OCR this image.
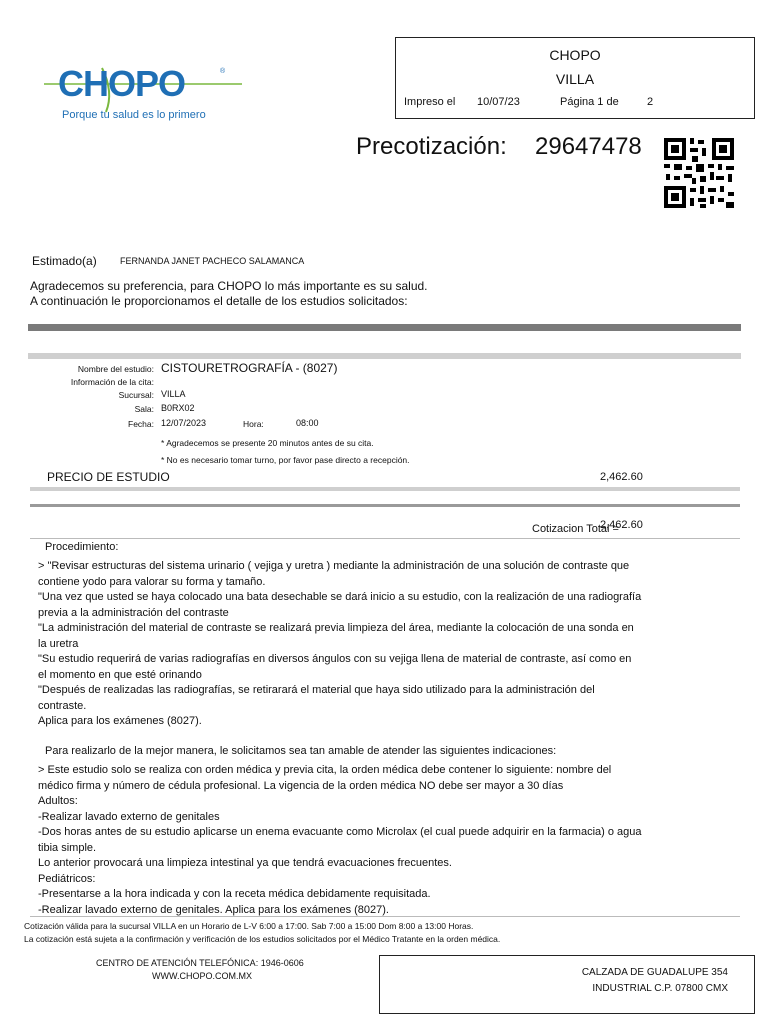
CHOPO	®
Porque tu salud es lo primero
CHOPO
VILLA
Impreso el 10/07/23	Página 1 de	2
Precotización: 29647478
Estimado(a)	FERNANDA JANET PACHECO SALAMANCA
Agradecemos su preferencia, para CHOPO lo más importante es su salud.
A continuación le proporcionamos el detalle de los estudios solicitados:
Nombre del estudio: CISTOURETROGRAFÍA - (8027)
Información de la cita:
Sucursal: VILLA
Sala: B0RX02
Fecha: 12/07/2023	Hora:	08:00
* Agradecemos se presente 20 minutos antes de su cita.
* No es necesario tomar turno, por favor pase directo a recepción.
PRECIO DE ESTUDIO	2,462.60
Cotizacion Total =
2,462.60
Procedimiento:
> "Revisar estructuras del sistema urinario ( vejiga y uretra ) mediante la administración de una solución de contraste que
contiene yodo para valorar su forma y tamaño.
"Una vez que usted se haya colocado una bata desechable se dará inicio a su estudio, con la realización de una radiografía
previa a la administración del contraste
"La administración del material de contraste se realizará previa limpieza del área, mediante la colocación de una sonda en
la uretra
"Su estudio requerirá de varias radiografías en diversos ángulos con su vejiga llena de material de contraste, así como en
el momento en que esté orinando
"Después de realizadas las radiografías, se retirarará el material que haya sido utilizado para la administración del
contraste.
Aplica para los exámenes (8027).
Para realizarlo de la mejor manera, le solicitamos sea tan amable de atender las siguientes indicaciones:
> Este estudio solo se realiza con orden médica y previa cita, la orden médica debe contener lo siguiente: nombre del
médico firma y número de cédula profesional. La vigencia de la orden médica NO debe ser mayor a 30 días
Adultos:
-Realizar lavado externo de genitales
-Dos horas antes de su estudio aplicarse un enema evacuante como Microlax (el cual puede adquirir en la farmacia) o agua
tibia simple.
Lo anterior provocará una limpieza intestinal ya que tendrá evacuaciones frecuentes.
Pediátricos:
-Presentarse a la hora indicada y con la receta médica debidamente requisitada.
-Realizar lavado externo de genitales. Aplica para los exámenes (8027).
Cotización válida para la sucursal VILLA en un Horario de L-V 6:00 a 17:00. Sab 7:00 a 15:00 Dom 8:00 a 13:00 Horas.
La cotización está sujeta a la confirmación y verificación de los estudios solicitados por el Médico Tratante en la orden médica.
CENTRO DE ATENCIÓN TELEFÓNICA: 1946-0606
WWW.CHOPO.COM.MX	CALZADA DE GUADALUPE 354
INDUSTRIAL C.P. 07800 CMX
